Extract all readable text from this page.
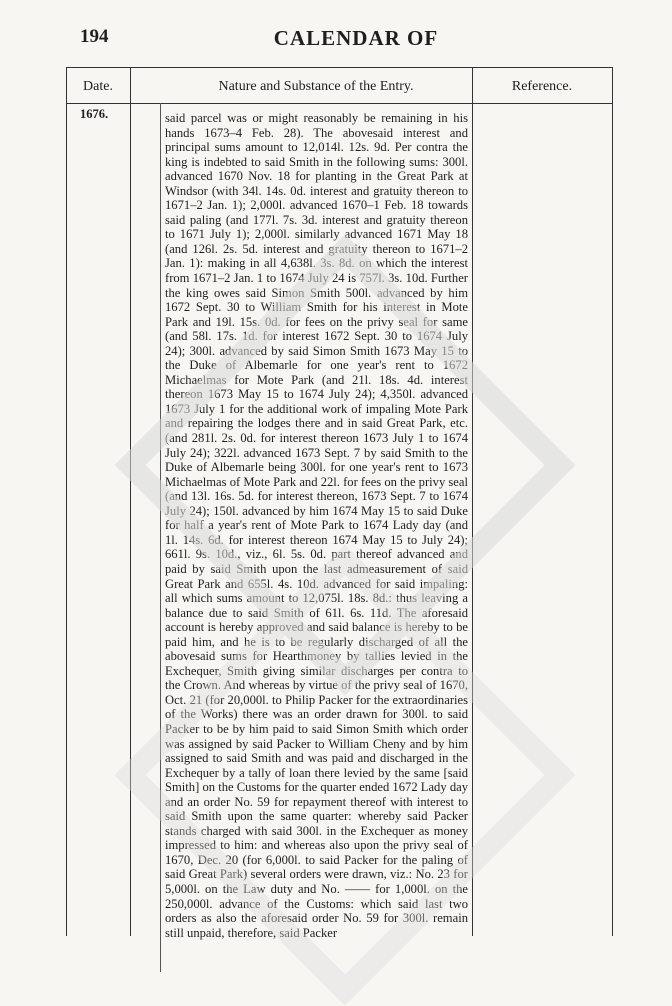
194	CALENDAR OF
Date.	Nature and Substance of the Entry.	Reference.
1676.	said parcel was or might reasonably be remaining in his hands 1673–4 Feb. 28). The abovesaid interest and principal sums amount to 12,014l. 12s. 9d. Per contra the king is indebted to said Smith in the following sums: 300l. advanced 1670 Nov. 18 for planting in the Great Park at Windsor (with 34l. 14s. 0d. interest and gratuity thereon to 1671–2 Jan. 1); 2,000l. advanced 1670–1 Feb. 18 towards said paling (and 177l. 7s. 3d. interest and gratuity thereon to 1671 July 1); 2,000l. similarly advanced 1671 May 18 (and 126l. 2s. 5d. interest and gratuity thereon to 1671–2 Jan. 1): making in all 4,638l. 3s. 8d. on which the interest from 1671–2 Jan. 1 to 1674 July 24 is 757l. 3s. 10d. Further the king owes said Simon Smith 500l. advanced by him 1672 Sept. 30 to William Smith for his interest in Mote Park and 19l. 15s. 0d. for fees on the privy seal for same (and 58l. 17s. 1d. for interest 1672 Sept. 30 to 1674 July 24); 300l. advanced by said Simon Smith 1673 May 15 to the Duke of Albemarle for one year's rent to 1672 Michaelmas for Mote Park (and 21l. 18s. 4d. interest thereon 1673 May 15 to 1674 July 24); 4,350l. advanced 1673 July 1 for the additional work of impaling Mote Park and repairing the lodges there and in said Great Park, etc. (and 281l. 2s. 0d. for interest thereon 1673 July 1 to 1674 July 24); 322l. advanced 1673 Sept. 7 by said Smith to the Duke of Albemarle being 300l. for one year's rent to 1673 Michaelmas of Mote Park and 22l. for fees on the privy seal (and 13l. 16s. 5d. for interest thereon, 1673 Sept. 7 to 1674 July 24); 150l. advanced by him 1674 May 15 to said Duke for half a year's rent of Mote Park to 1674 Lady day (and 1l. 14s. 6d. for interest thereon 1674 May 15 to July 24); 661l. 9s. 10d., viz., 6l. 5s. 0d. part thereof advanced and paid by said Smith upon the last admeasurement of said Great Park and 655l. 4s. 10d. advanced for said impaling: all which sums amount to 12,075l. 18s. 8d.: thus leaving a balance due to said Smith of 61l. 6s. 11d. The aforesaid account is hereby approved and said balance is hereby to be paid him, and he is to be regularly discharged of all the abovesaid sums for Hearthmoney by tallies levied in the Exchequer, Smith giving similar discharges per contra to the Crown. And whereas by virtue of the privy seal of 1670, Oct. 21 (for 20,000l. to Philip Packer for the extraordinaries of the Works) there was an order drawn for 300l. to said Packer to be by him paid to said Simon Smith which order was assigned by said Packer to William Cheny and by him assigned to said Smith and was paid and discharged in the Exchequer by a tally of loan there levied by the same [said Smith] on the Customs for the quarter ended 1672 Lady day and an order No. 59 for repayment thereof with interest to said Smith upon the same quarter: whereby said Packer stands charged with said 300l. in the Exchequer as money impressed to him: and whereas also upon the privy seal of 1670, Dec. 20 (for 6,000l. to said Packer for the paling of said Great Park) several orders were drawn, viz.: No. 23 for 5,000l. on the Law duty and No. —— for 1,000l. on the 250,000l. advance of the Customs: which said last two orders as also the aforesaid order No. 59 for 300l. remain still unpaid, therefore, said Packer
